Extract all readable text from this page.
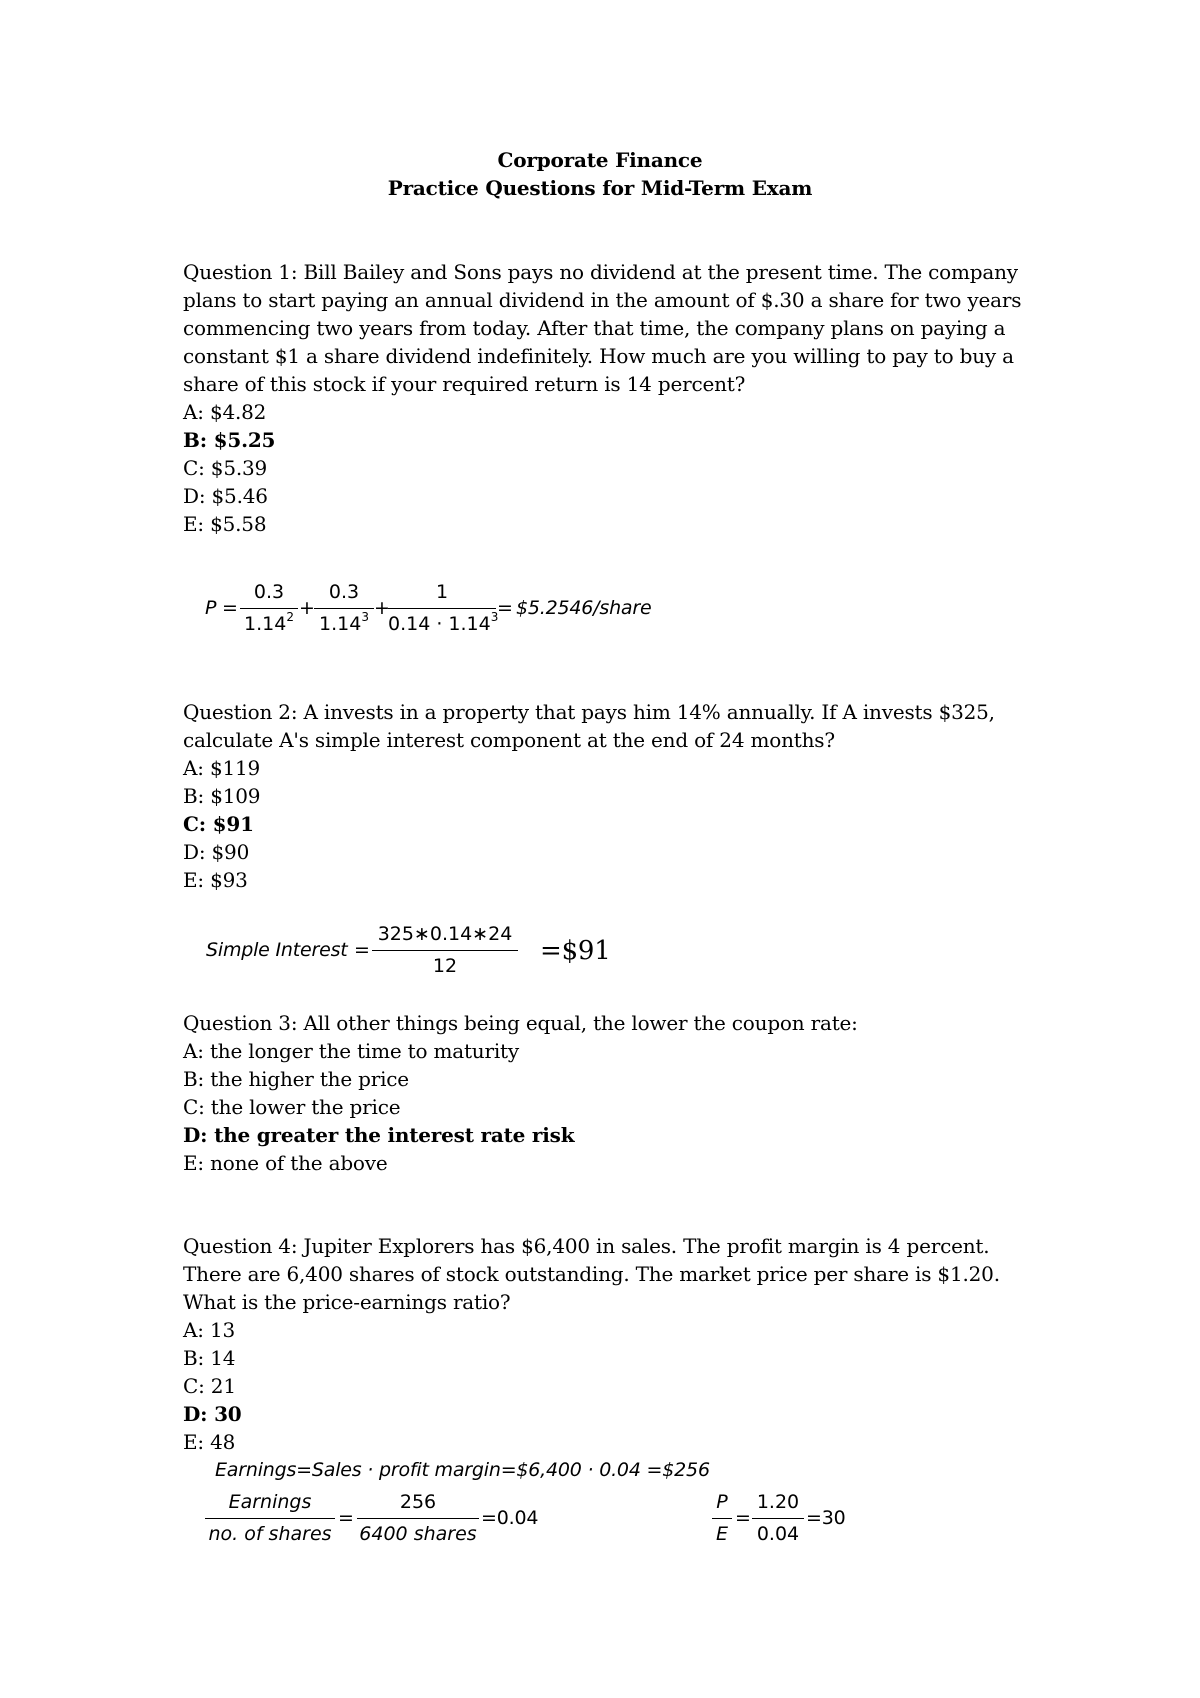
Corporate Finance
Practice Questions for Mid-Term Exam
Question 1: Bill Bailey and Sons pays no dividend at the present time. The company
plans to start paying an annual dividend in the amount of $.30 a share for two years
commencing two years from today. After that time, the company plans on paying a
constant $1 a share dividend indefinitely. How much are you willing to pay to buy a
share of this stock if your required return is 14 percent?
A: $4.82
B: $5.25
C: $5.39
D: $5.46
E: $5.58
P =
0.3
$1.14^2$ +
0.3
$1.14^3$ +
1
$0.14 \cdot 1.14^3$
= $5.2546/share
Question 2: A invests in a property that pays him 14% annually. If A invests $325,
calculate A's simple interest component at the end of 24 months?
A: $119
B: $109
C: $91
D: $90
E: $93
Simple Interest =
325∗0.14∗24
12	=$91
Question 3: All other things being equal, the lower the coupon rate:
A: the longer the time to maturity
B: the higher the price
C: the lower the price
D: the greater the interest rate risk
E: none of the above
Question 4: Jupiter Explorers has $6,400 in sales. The profit margin is 4 percent.
There are 6,400 shares of stock outstanding. The market price per share is $1.20.
What is the price-earnings ratio?
A: 13
B: 14
C: 21
D: 30
E: 48
Earnings=Sales · profit margin=$6,400 · 0.04 =$256
Earnings
no. of shares
=
256
6400 shares
=0.04
P
E
=
1.20
0.04
=30
